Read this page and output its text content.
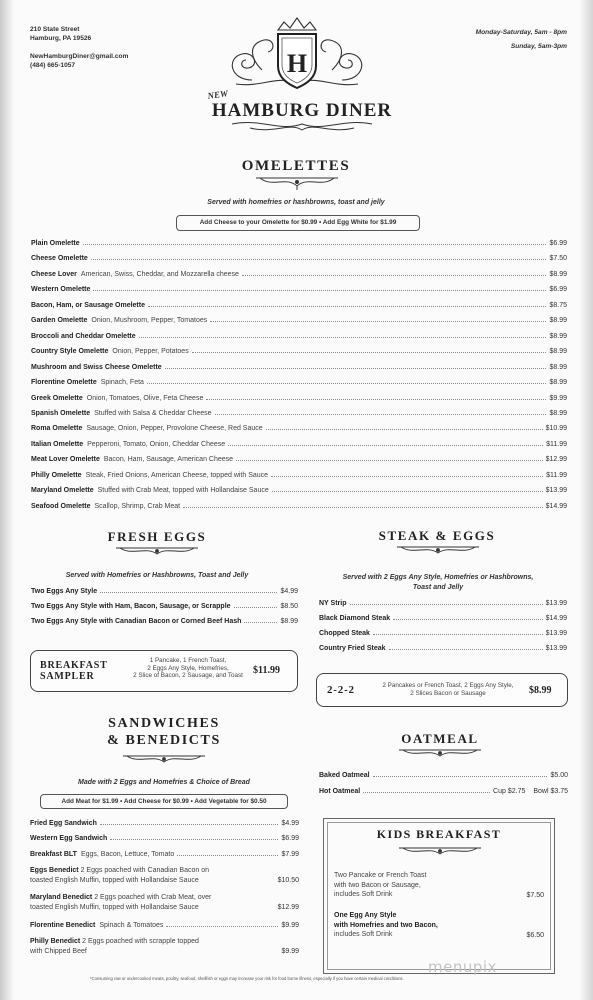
210 State Street
Hamburg, PA 19526
NewHamburgDiner@gmail.com
(484) 665-1057
Monday-Saturday, 5am - 8pm
Sunday, 5am-3pm
H
NEW
HAMBURG DINER
OMELETTES
Served with homefries or hashbrowns, toast and jelly
Add Cheese to your Omelette for $0.99 • Add Egg White for $1.99
Plain Omelette	$6.99
Cheese Omelette	$7.50
Cheese Lover American, Swiss, Cheddar, and Mozzarella cheese	$8.99
Western Omelette	$6.99
Bacon, Ham, or Sausage Omelette	$8.75
Garden Omelette Onion, Mushroom, Pepper, Tomatoes	$8.99
Broccoli and Cheddar Omelette	$8.99
Country Style Omelette Onion, Pepper, Potatoes	$8.99
Mushroom and Swiss Cheese Omelette	$8.99
Florentine Omelette Spinach, Feta	$8.99
Greek Omelette Onion, Tomatoes, Olive, Feta Cheese	$9.99
Spanish Omelette Stuffed with Salsa & Cheddar Cheese	$8.99
Roma Omelette Sausage, Onion, Pepper, Provolone Cheese, Red Sauce	$10.99
Italian Omelette Pepperoni, Tomato, Onion, Cheddar Cheese	$11.99
Meat Lover Omelette Bacon, Ham, Sausage, American Cheese	$12.99
Philly Omelette Steak, Fried Onions, American Cheese, topped with Sauce	$11.99
Maryland Omelette Stuffed with Crab Meat, topped with Hollandaise Sauce	$13.99
Seafood Omelette Scallop, Shrimp, Crab Meat	$14.99
FRESH EGGS
Served with Homefries or Hashbrowns, Toast and Jelly
Two Eggs Any Style	$4.99
Two Eggs Any Style with Ham, Bacon, Sausage, or Scrapple	$8.50
Two Eggs Any Style with Canadian Bacon or Corned Beef Hash	$8.99
BREAKFAST
SAMPLER
1 Pancake, 1 French Toast,
2 Eggs Any Style, Homefries,
2 Slice of Bacon, 2 Sausage, and Toast	$11.99
STEAK & EGGS
Served with 2 Eggs Any Style, Homefries or Hashbrowns,
Toast and Jelly
NY Strip	$13.99
Black Diamond Steak	$14.99
Chopped Steak	$13.99
Country Fried Steak	$13.99
2-2-2	2 Pancakes or French Toast, 2 Eggs Any Style,
2 Slices Bacon or Sausage	$8.99
SANDWICHES
& BENEDICTS
Made with 2 Eggs and Homefries & Choice of Bread
Add Meat for $1.99 • Add Cheese for $0.99 • Add Vegetable for $0.50
Fried Egg Sandwich	$4.99
Western Egg Sandwich	$6.99
Breakfast BLT Eggs, Bacon, Lettuce, Tomato	$7.99
Eggs Benedict 2 Eggs poached with Canadian Bacon on
toasted English Muffin, topped with Hollandaise Sauce	$10.50
Maryland Benedict 2 Eggs poached with Crab Meat, over
toasted English Muffin, topped with Hollandaise Sauce	$12.99
Florentine Benedict Spinach & Tomatoes	$9.99
Philly Benedict 2 Eggs poached with scrapple topped
with Chipped Beef	$9.99
OATMEAL
Baked Oatmeal	$5.00
Hot Oatmeal	Cup $2.75 Bowl $3.75
KIDS BREAKFAST
Two Pancake or French Toast
with two Bacon or Sausage,
includes Soft Drink	$7.50
One Egg Any Style
with Homefries and two Bacon,
includes Soft Drink	$6.50
*Consuming raw or undercooked meats, poultry, seafood, shellfish or eggs may increase your risk for food borne illness, especially if you have certain medical conditions.
menupix
